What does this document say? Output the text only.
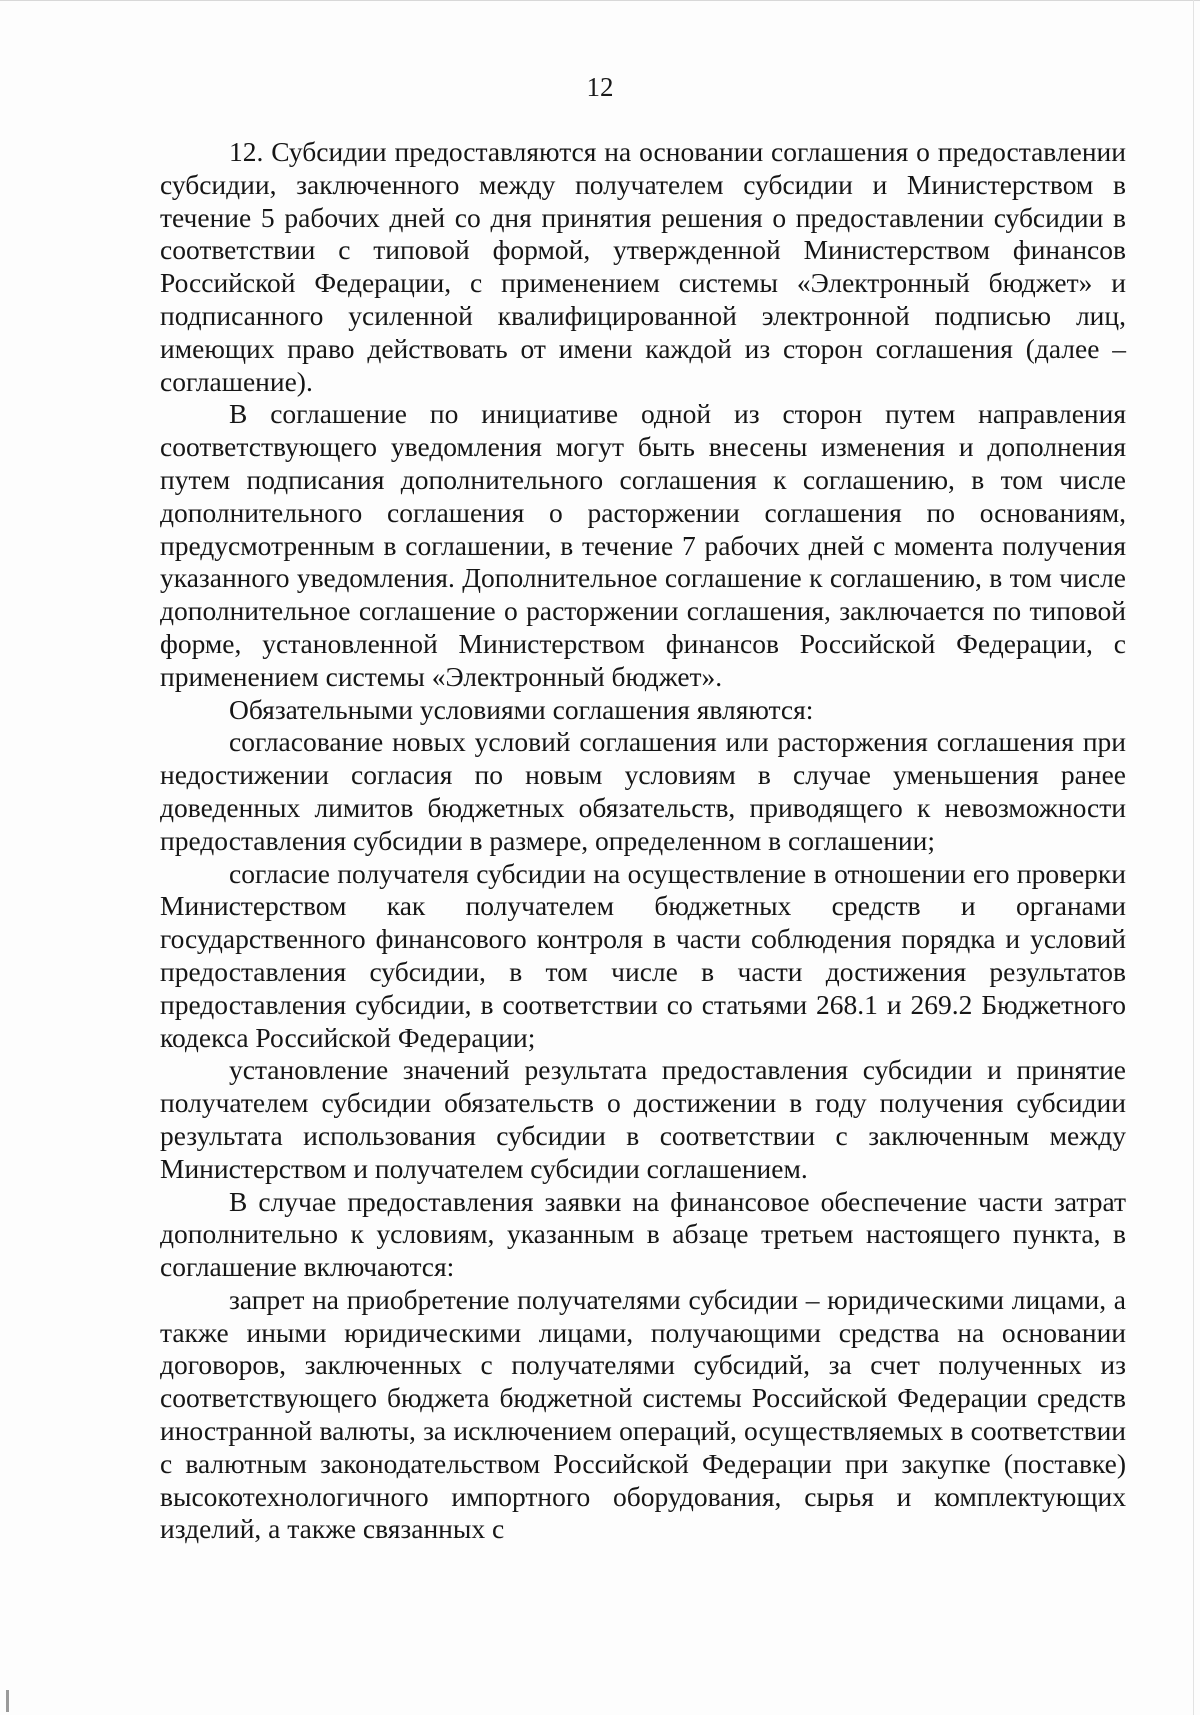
12

12. Субсидии предоставляются на основании соглашения о предоставлении субсидии, заключенного между получателем субсидии и Министерством в течение 5 рабочих дней со дня принятия решения о предоставлении субсидии в соответствии с типовой формой, утвержденной Министерством финансов Российской Федерации, с применением системы «Электронный бюджет» и подписанного усиленной квалифицированной электронной подписью лиц, имеющих право действовать от имени каждой из сторон соглашения (далее – соглашение).

В соглашение по инициативе одной из сторон путем направления соответствующего уведомления могут быть внесены изменения и дополнения путем подписания дополнительного соглашения к соглашению, в том числе дополнительного соглашения о расторжении соглашения по основаниям, предусмотренным в соглашении, в течение 7 рабочих дней с момента получения указанного уведомления. Дополнительное соглашение к соглашению, в том числе дополнительное соглашение о расторжении соглашения, заключается по типовой форме, установленной Министерством финансов Российской Федерации, с применением системы «Электронный бюджет».

Обязательными условиями соглашения являются:

согласование новых условий соглашения или расторжения соглашения при недостижении согласия по новым условиям в случае уменьшения ранее доведенных лимитов бюджетных обязательств, приводящего к невозможности предоставления субсидии в размере, определенном в соглашении;

согласие получателя субсидии на осуществление в отношении его проверки Министерством как получателем бюджетных средств и органами государственного финансового контроля в части соблюдения порядка и условий предоставления субсидии, в том числе в части достижения результатов предоставления субсидии, в соответствии со статьями 268.1 и 269.2 Бюджетного кодекса Российской Федерации;

установление значений результата предоставления субсидии и принятие получателем субсидии обязательств о достижении в году получения субсидии результата использования субсидии в соответствии с заключенным между Министерством и получателем субсидии соглашением.

В случае предоставления заявки на финансовое обеспечение части затрат дополнительно к условиям, указанным в абзаце третьем настоящего пункта, в соглашение включаются:

запрет на приобретение получателями субсидии – юридическими лицами, а также иными юридическими лицами, получающими средства на основании договоров, заключенных с получателями субсидий, за счет полученных из соответствующего бюджета бюджетной системы Российской Федерации средств иностранной валюты, за исключением операций, осуществляемых в соответствии с валютным законодательством Российской Федерации при закупке (поставке) высокотехнологичного импортного оборудования, сырья и комплектующих изделий, а также связанных с
